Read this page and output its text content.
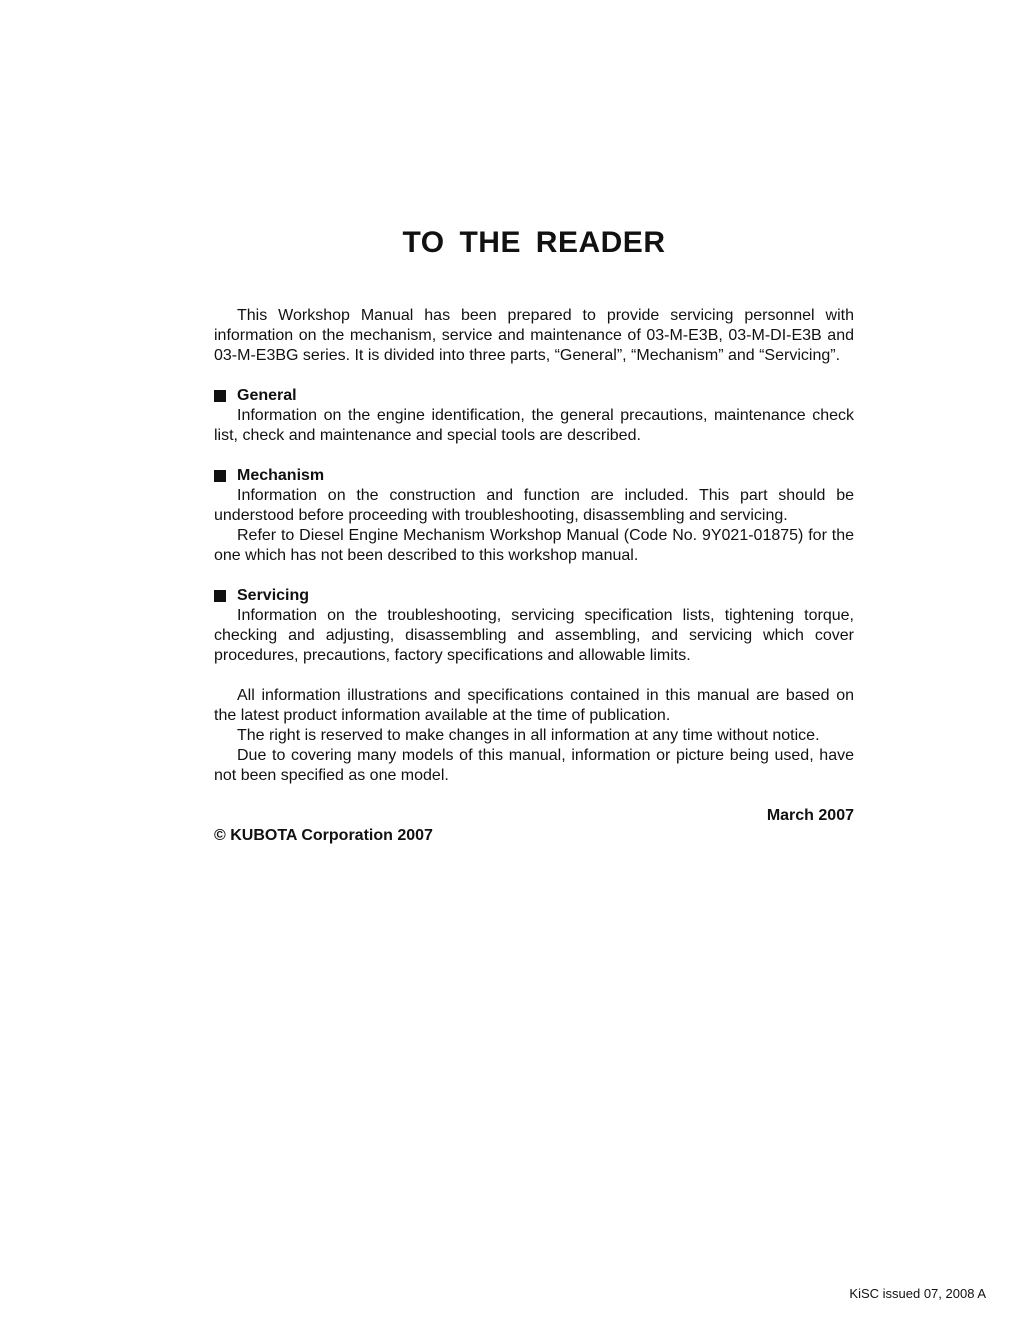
TO THE READER

This Workshop Manual has been prepared to provide servicing personnel with information on the mechanism, service and maintenance of 03-M-E3B, 03-M-DI-E3B and 03-M-E3BG series. It is divided into three parts, “General”, “Mechanism” and “Servicing”.

General

Information on the engine identification, the general precautions, maintenance check list, check and maintenance and special tools are described.

Mechanism

Information on the construction and function are included. This part should be understood before proceeding with troubleshooting, disassembling and servicing.

Refer to Diesel Engine Mechanism Workshop Manual (Code No. 9Y021-01875) for the one which has not been described to this workshop manual.

Servicing

Information on the troubleshooting, servicing specification lists, tightening torque, checking and adjusting, disassembling and assembling, and servicing which cover procedures, precautions, factory specifications and allowable limits.

All information illustrations and specifications contained in this manual are based on the latest product information available at the time of publication.

The right is reserved to make changes in all information at any time without notice.

Due to covering many models of this manual, information or picture being used, have not been specified as one model.

March 2007
© KUBOTA Corporation 2007
KiSC issued 07, 2008 A
